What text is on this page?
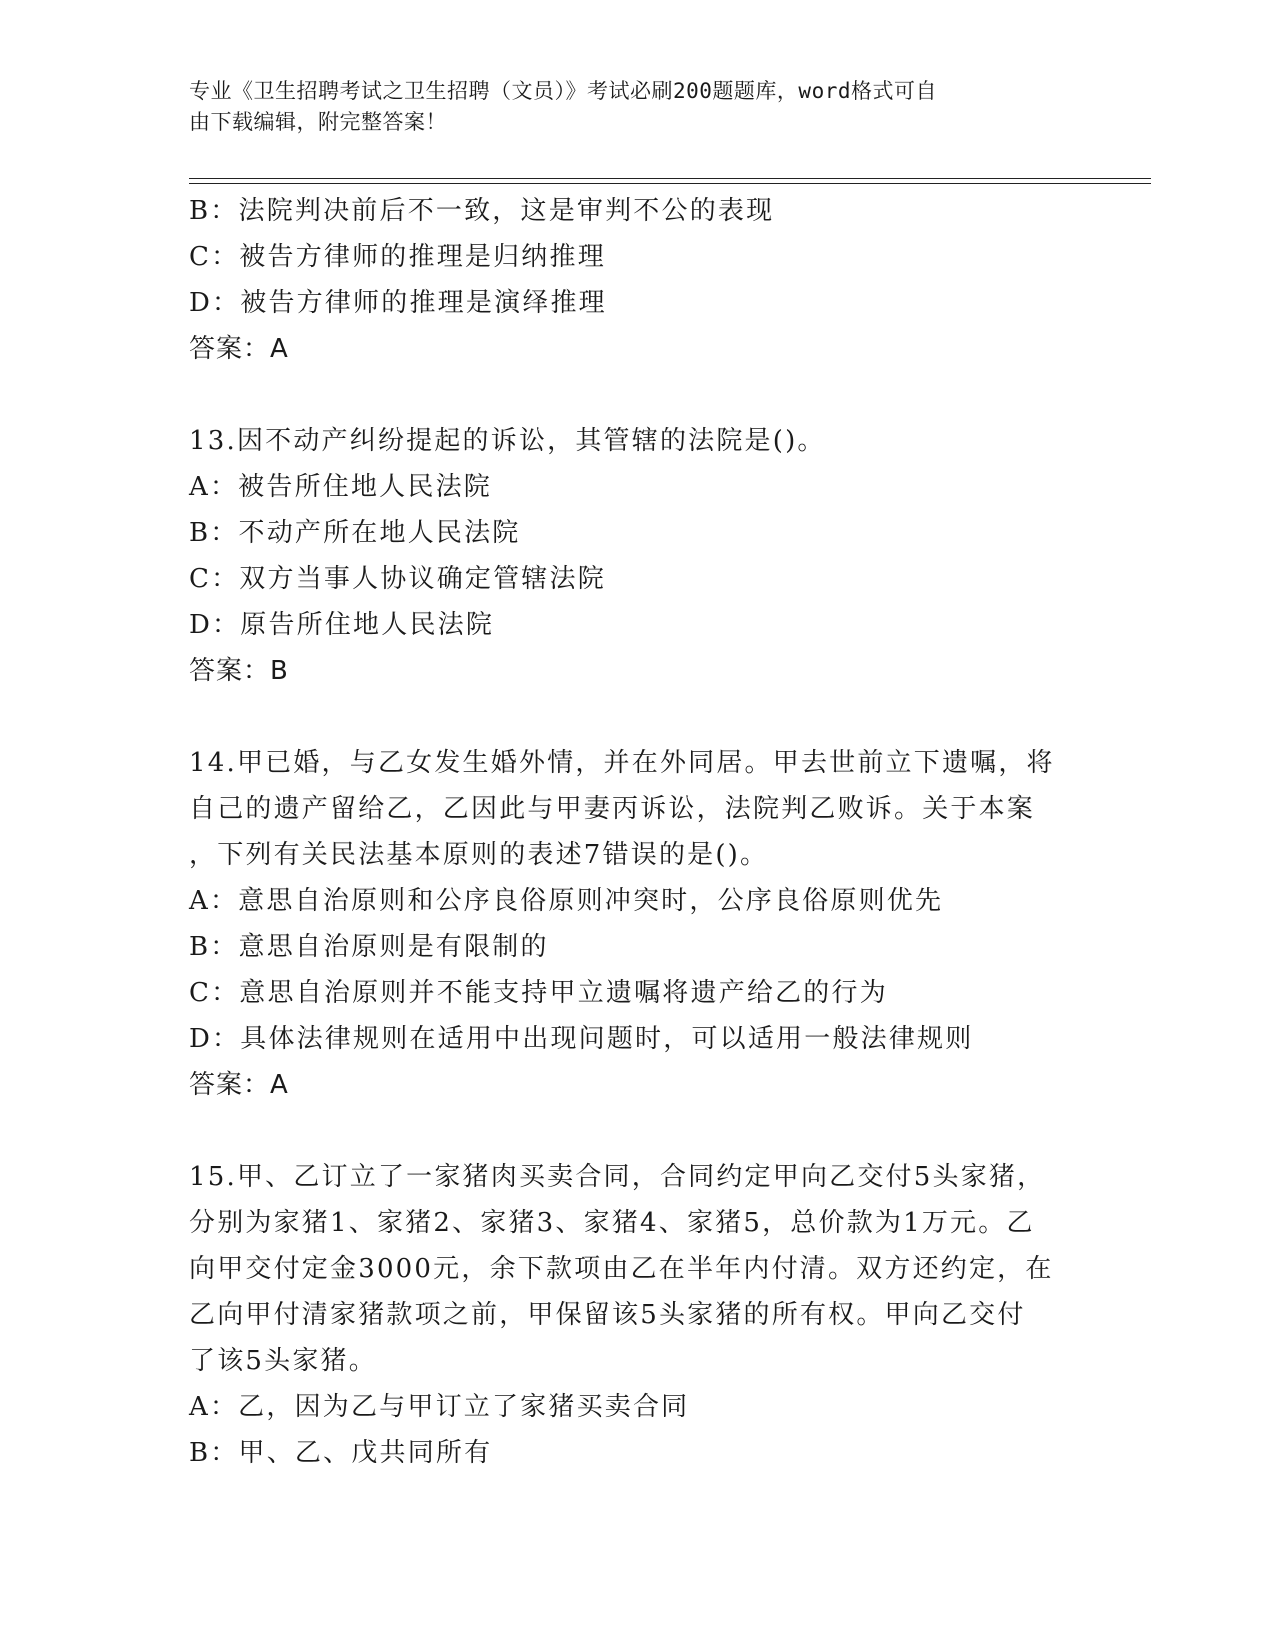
专业《卫生招聘考试之卫生招聘（文员）》考试必刷200题题库，word格式可自
由下载编辑，附完整答案！
B：法院判决前后不一致，这是审判不公的表现
C：被告方律师的推理是归纳推理
D：被告方律师的推理是演绎推理
答案：A
13.因不动产纠纷提起的诉讼，其管辖的法院是()。
A：被告所住地人民法院
B：不动产所在地人民法院
C：双方当事人协议确定管辖法院
D：原告所住地人民法院
答案：B
14.甲已婚，与乙女发生婚外情，并在外同居。甲去世前立下遗嘱，将
自己的遗产留给乙，乙因此与甲妻丙诉讼，法院判乙败诉。关于本案
，下列有关民法基本原则的表述7错误的是()。
A：意思自治原则和公序良俗原则冲突时，公序良俗原则优先
B：意思自治原则是有限制的
C：意思自治原则并不能支持甲立遗嘱将遗产给乙的行为
D：具体法律规则在适用中出现问题时，可以适用一般法律规则
答案：A
15.甲、乙订立了一家猪肉买卖合同，合同约定甲向乙交付5头家猪，
分别为家猪1、家猪2、家猪3、家猪4、家猪5，总价款为1万元。乙
向甲交付定金3000元，余下款项由乙在半年内付清。双方还约定，在
乙向甲付清家猪款项之前，甲保留该5头家猪的所有权。甲向乙交付
了该5头家猪。
A：乙，因为乙与甲订立了家猪买卖合同
B：甲、乙、戊共同所有
